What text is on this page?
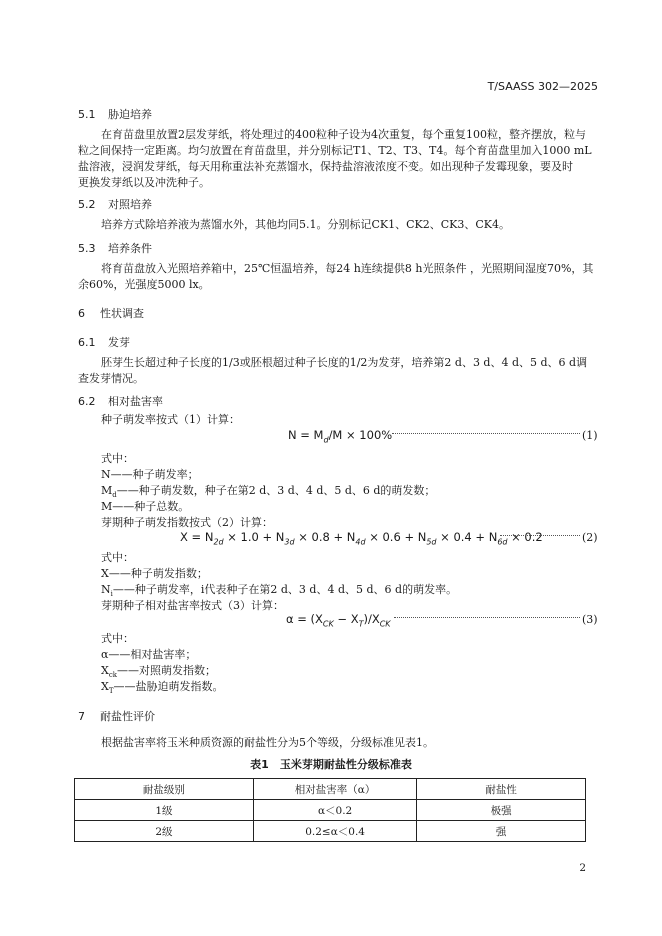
T/SAASS 302—2025
5.1 胁迫培养
在育苗盘里放置2层发芽纸，将处理过的400粒种子设为4次重复，每个重复100粒，整齐摆放，粒与
粒之间保持一定距离。均匀放置在育苗盘里，并分别标记T1、T2、T3、T4。每个育苗盘里加入1000 mL
盐溶液，浸润发芽纸，每天用称重法补充蒸馏水，保持盐溶液浓度不变。如出现种子发霉现象，要及时
更换发芽纸以及冲洗种子。
5.2 对照培养
培养方式除培养液为蒸馏水外，其他均同5.1。分别标记CK1、CK2、CK3、CK4。
5.3 培养条件
将育苗盘放入光照培养箱中，25℃恒温培养，每24 h连续提供8 h光照条件 ，光照期间湿度70%，其
余60%，光强度5000 lx。
6 性状调查
6.1 发芽
胚芽生长超过种子长度的1/3或胚根超过种子长度的1/2为发芽，培养第2 d、3 d、4 d、5 d、6 d调
查发芽情况。
6.2 相对盐害率
种子萌发率按式（1）计算：
$N = M_d/M \times 100\%$	(1)
式中：
N——种子萌发率；
$M_d——$种子萌发数，种子在第2 d、3 d、4 d、5 d、6 d的萌发数；
M——种子总数。
芽期种子萌发指数按式（2）计算：
$X = N_{2d} \times 1.0 + N_{3d} \times 0.8 + N_{4d} \times 0.6 + N_{5d} \times 0.4 + N_{6d} \times 0.2$	(2)
式中：
X——种子萌发指数；
$N_i——$种子萌发率，i代表种子在第2 d、3 d、4 d、5 d、6 d的萌发率。
芽期种子相对盐害率按式（3）计算：
$\alpha = (X_{CK} - X_T)/X_{CK}$	(3)
式中：
α——相对盐害率；
$X_{ck}——$对照萌发指数；
$X_T——$盐胁迫萌发指数。
7 耐盐性评价
根据盐害率将玉米种质资源的耐盐性分为5个等级，分级标准见表1。
表1　玉米芽期耐盐性分级标准表
耐盐级别	相对盐害率（α）	耐盐性
1级	α＜0.2	极强
2级	0.2≤α＜0.4	强
2
